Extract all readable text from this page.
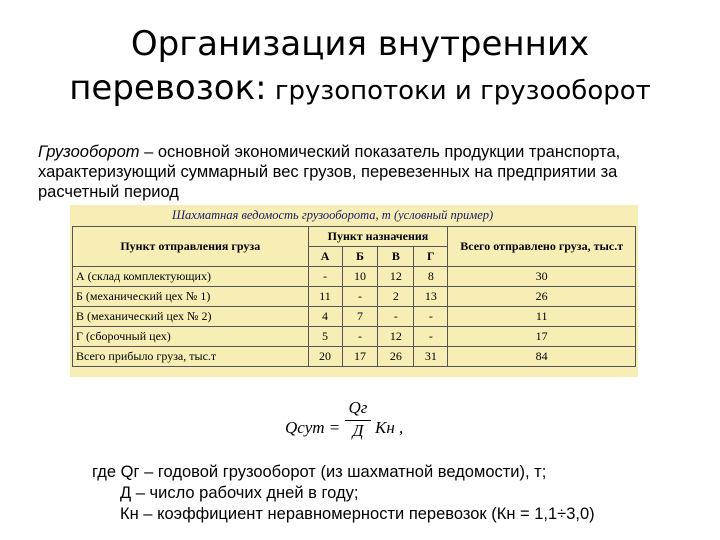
Организация внутренних
перевозок: грузопотоки и грузооборот
Грузооборот – основной экономический показатель продукции транспорта, характеризующий суммарный вес грузов, перевезенных на предприятии за расчетный период
Шахматная ведомость грузооборота, т (условный пример)
Пункт отправления груза	Пункт назначения				Всего отправлено груза, тыс.т
	А	Б	В	Г	
А (склад комплектующих)	-	10	12	8	30
Б (механический цех № 1)	11	-	2	13	26
В (механический цех № 2)	4	7	-	-	11
Г (сборочный цех)	5	-	12	-	17
Всего прибыло груза, тыс.т	20	17	26	31	84
Qсут =
Qг
Д Kн ,
где Qг – годовой грузооборот (из шахматной ведомости), т;
Д – число рабочих дней в году;
Кн – коэффициент неравномерности перевозок (Кн = 1,1÷3,0)
